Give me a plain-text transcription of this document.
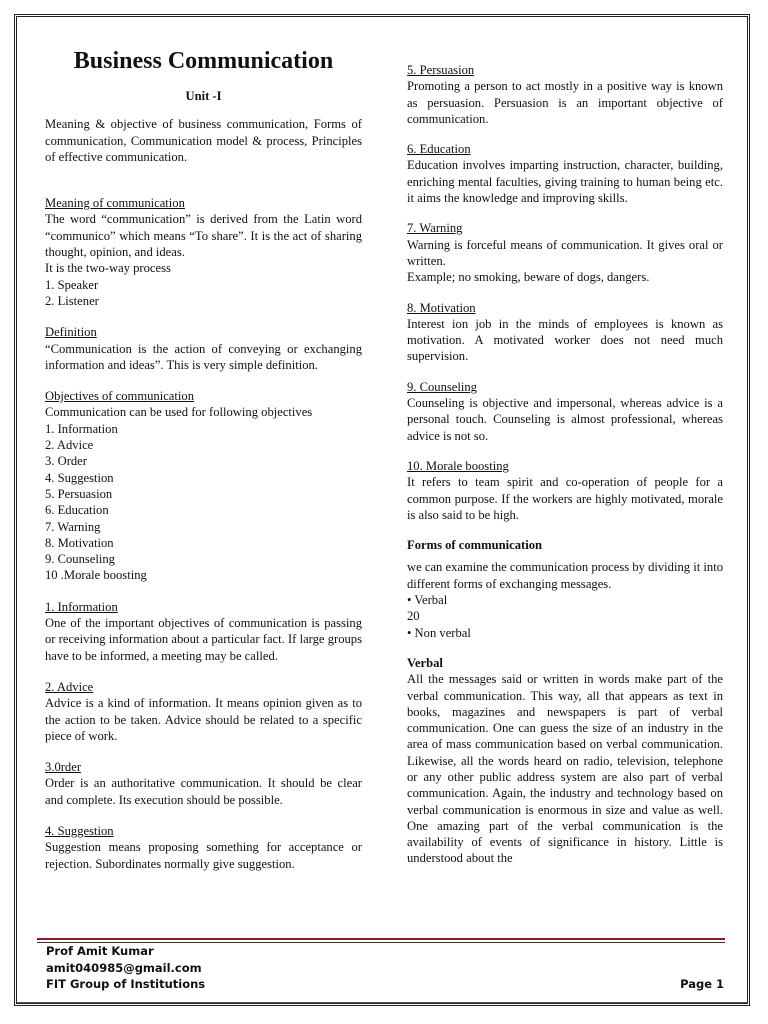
Business Communication
Unit -I
Meaning & objective of business communication, Forms of communication, Communication model & process, Principles of effective communication.
Meaning of communication
The word “communication” is derived from the Latin word “communico” which means “To share”. It is the act of sharing thought, opinion, and ideas.
It is the two-way process
1. Speaker
2. Listener
Definition
“Communication is the action of conveying or exchanging information and ideas”. This is very simple definition.
Objectives of communication
Communication can be used for following objectives
1. Information
2. Advice
3. Order
4. Suggestion
5. Persuasion
6. Education
7. Warning
8. Motivation
9. Counseling
10 .Morale boosting
1. Information
One of the important objectives of communication is passing or receiving information about a particular fact. If large groups have to be informed, a meeting may be called.
2. Advice
Advice is a kind of information. It means opinion given as to the action to be taken. Advice should be related to a specific piece of work.
3.0rder
Order is an authoritative communication. It should be clear and complete. Its execution should be possible.
4. Suggestion
Suggestion means proposing something for acceptance or rejection. Subordinates normally give suggestion.
5. Persuasion
Promoting a person to act mostly in a positive way is known as persuasion. Persuasion is an important objective of communication.
6. Education
Education involves imparting instruction, character, building, enriching mental faculties, giving training to human being etc. it aims the knowledge and improving skills.
7. Warning
Warning is forceful means of communication. It gives oral or written.
Example; no smoking, beware of dogs, dangers.
8. Motivation
Interest ion job in the minds of employees is known as motivation. A motivated worker does not need much supervision.
9. Counseling
Counseling is objective and impersonal, whereas advice is a personal touch. Counseling is almost professional, whereas advice is not so.
10. Morale boosting
It refers to team spirit and co-operation of people for a common purpose. If the workers are highly motivated, morale is also said to be high.
Forms of communication
we can examine the communication process by dividing it into different forms of exchanging messages.
• Verbal
20
• Non verbal
Verbal
All the messages said or written in words make part of the verbal communication. This way, all that appears as text in books, magazines and newspapers is part of verbal communication. One can guess the size of an industry in the area of mass communication based on verbal communication. Likewise, all the words heard on radio, television, telephone or any other public address system are also part of verbal communication. Again, the industry and technology based on verbal communication is enormous in size and value as well. One amazing part of the verbal communication is the availability of events of significance in history. Little is understood about the
Prof Amit Kumar
amit040985@gmail.com
FIT Group of Institutions	Page 1
